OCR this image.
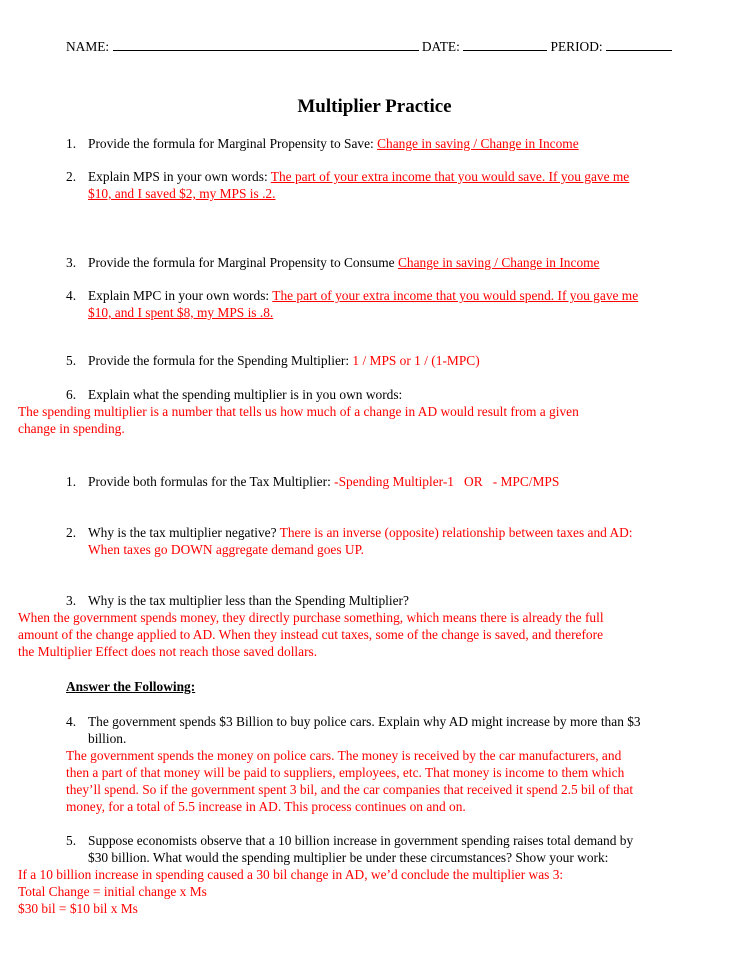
NAME:	DATE:	PERIOD:
Multiplier Practice
1. Provide the formula for Marginal Propensity to Save: Change in saving / Change in Income
2. Explain MPS in your own words: The part of your extra income that you would save. If you gave me
$10, and I saved $2, my MPS is .2.
3. Provide the formula for Marginal Propensity to Consume Change in saving / Change in Income
4. Explain MPC in your own words: The part of your extra income that you would spend. If you gave me
$10, and I spent $8, my MPS is .8.
5. Provide the formula for the Spending Multiplier: 1 / MPS or 1 / (1-MPC)
6. Explain what the spending multiplier is in you own words:
The spending multiplier is a number that tells us how much of a change in AD would result from a given
change in spending.
1. Provide both formulas for the Tax Multiplier: -Spending Multipler-1   OR   - MPC/MPS
2. Why is the tax multiplier negative? There is an inverse (opposite) relationship between taxes and AD:
When taxes go DOWN aggregate demand goes UP.
3. Why is the tax multiplier less than the Spending Multiplier?
When the government spends money, they directly purchase something, which means there is already the full
amount of the change applied to AD. When they instead cut taxes, some of the change is saved, and therefore
the Multiplier Effect does not reach those saved dollars.
Answer the Following:
4. The government spends $3 Billion to buy police cars. Explain why AD might increase by more than $3
billion.
The government spends the money on police cars. The money is received by the car manufacturers, and
then a part of that money will be paid to suppliers, employees, etc. That money is income to them which
they’ll spend. So if the government spent 3 bil, and the car companies that received it spend 2.5 bil of that
money, for a total of 5.5 increase in AD. This process continues on and on.
5. Suppose economists observe that a 10 billion increase in government spending raises total demand by
$30 billion. What would the spending multiplier be under these circumstances? Show your work:
If a 10 billion increase in spending caused a 30 bil change in AD, we’d conclude the multiplier was 3:
Total Change = initial change x Ms
$30 bil = $10 bil x Ms
